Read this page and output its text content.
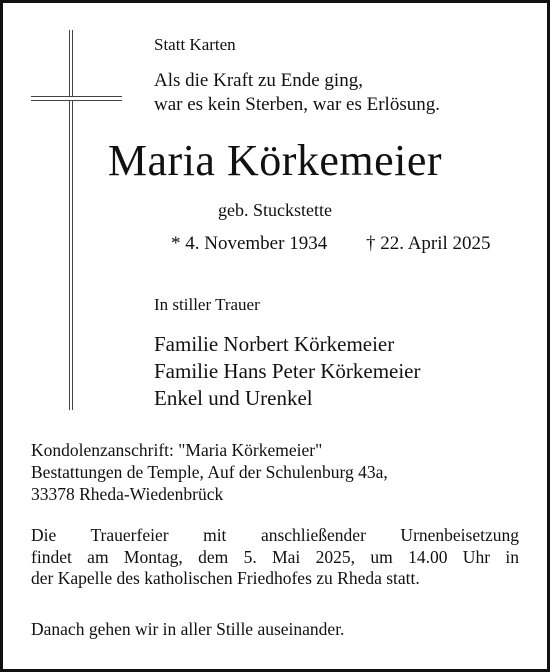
Statt Karten
Als die Kraft zu Ende ging,
war es kein Sterben, war es Erlösung.
Maria Körkemeier
geb. Stuckstette
* 4. November 1934 † 22. April 2025
In stiller Trauer
Familie Norbert Körkemeier
Familie Hans Peter Körkemeier
Enkel und Urenkel
Kondolenzanschrift: "Maria Körkemeier"
Bestattungen de Temple, Auf der Schulenburg 43a,
33378 Rheda-Wiedenbrück
Die Trauerfeier mit anschließender Urnenbeisetzung
findet am Montag, dem 5. Mai 2025, um 14.00 Uhr in
der Kapelle des katholischen Friedhofes zu Rheda statt.
Danach gehen wir in aller Stille auseinander.
